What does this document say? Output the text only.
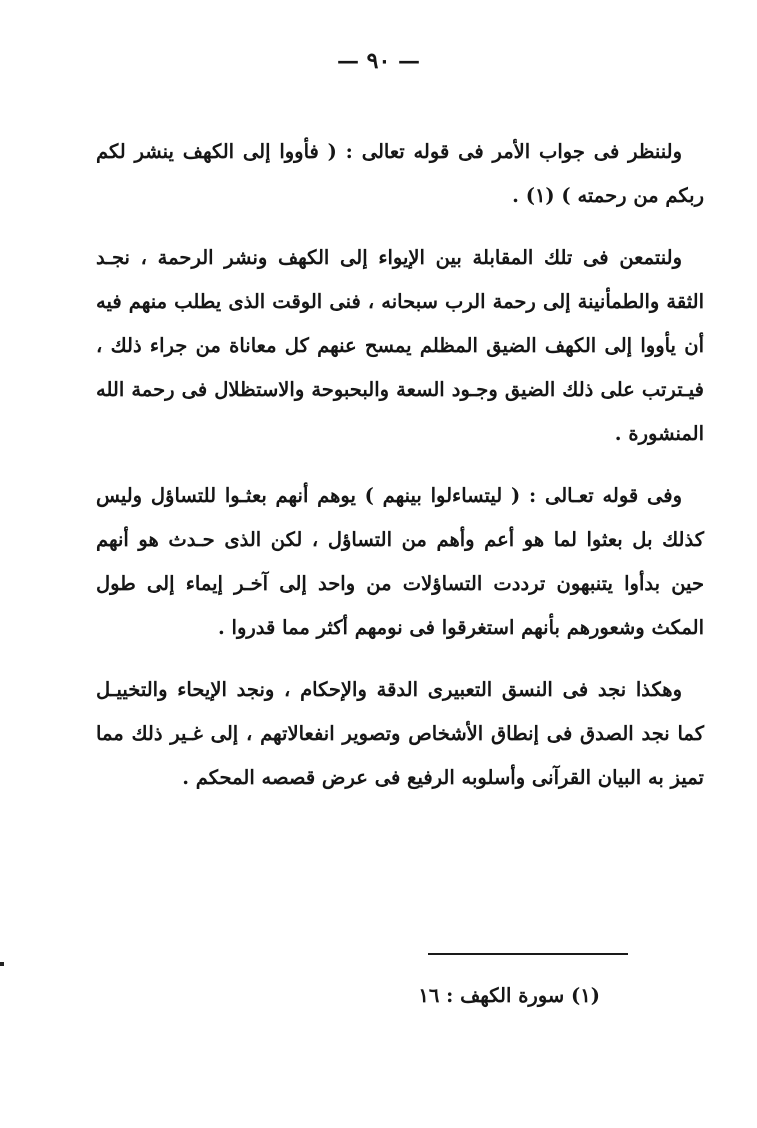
— ٩٠ —

ولننظر فى جواب الأمر فى قوله تعالى : ( فأووا إلى الكهف ينشر لكم ربكم من رحمته ) (١) .

ولنتمعن فى تلك المقابلة بين الإيواء إلى الكهف ونشر الرحمة ، نجـد الثقة والطمأنينة إلى رحمة الرب سبحانه ، فنى الوقت الذى يطلب منهم فيه أن يأووا إلى الكهف الضيق المظلم يمسح عنهم كل معاناة من جراء ذلك ، فيـترتب على ذلك الضيق وجـود السعة والبحبوحة والاستظلال فى رحمة الله المنشورة .

وفى قوله تعـالى : ( ليتساءلوا بينهم ) يوهم أنهم بعثـوا للتساؤل وليس كذلك بل بعثوا لما هو أعم وأهم من التساؤل ، لكن الذى حـدث هو أنهم حين بدأوا يتنبهون ترددت التساؤلات من واحد إلى آخـر إيماء إلى طول المكث وشعورهم بأنهم استغرقوا فى نومهم أكثر مما قدروا .

وهكذا نجد فى النسق التعبيرى الدقة والإحكام ، ونجد الإيحاء والتخييـل كما نجد الصدق فى إنطاق الأشخاص وتصوير انفعالاتهم ، إلى غـير ذلك مما تميز به البيان القرآنى وأسلوبه الرفيع فى عرض قصصه المحكم .

(١) سورة الكهف : ١٦
